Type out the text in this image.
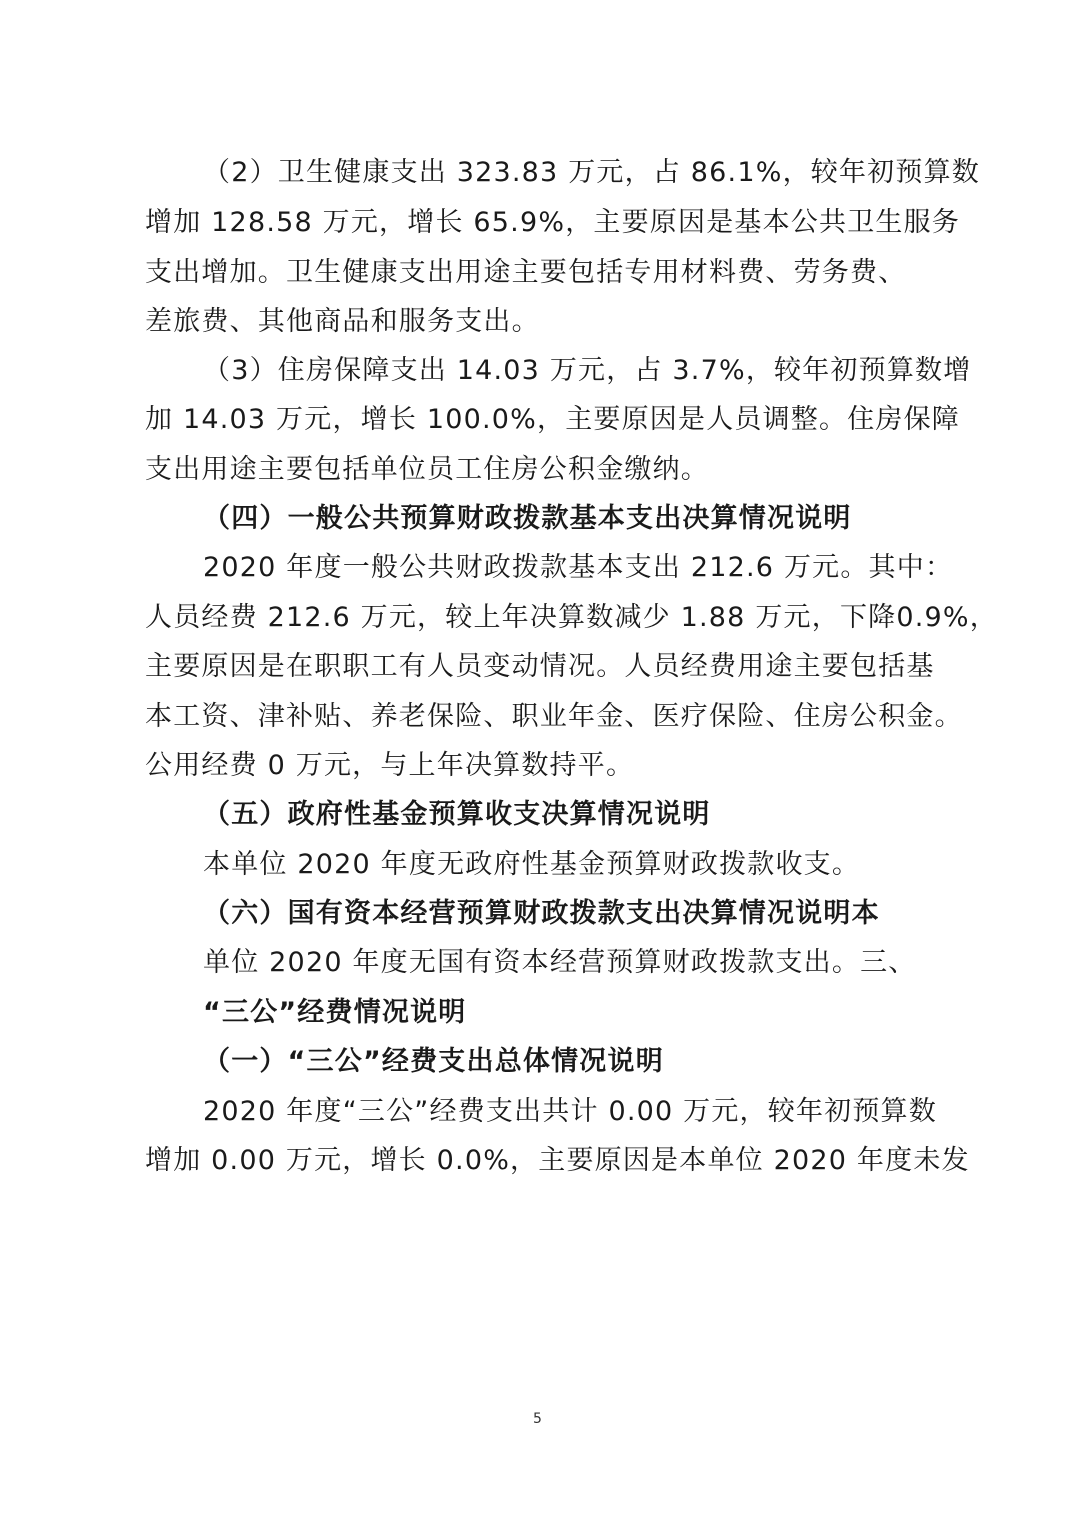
（2）卫生健康支出 323.83 万元，占 86.1%，较年初预算数
增加 128.58 万元，增长 65.9%，主要原因是基本公共卫生服务
支出增加。卫生健康支出用途主要包括专用材料费、劳务费、
差旅费、其他商品和服务支出。
（3）住房保障支出 14.03 万元，占 3.7%，较年初预算数增
加 14.03 万元，增长 100.0%，主要原因是人员调整。住房保障
支出用途主要包括单位员工住房公积金缴纳。
（四）一般公共预算财政拨款基本支出决算情况说明
2020 年度一般公共财政拨款基本支出 212.6 万元。其中：
人员经费 212.6 万元，较上年决算数减少 1.88 万元，下降0.9%，
主要原因是在职职工有人员变动情况。人员经费用途主要包括基
本工资、津补贴、养老保险、职业年金、医疗保险、住房公积金。
公用经费 0 万元，与上年决算数持平。
（五）政府性基金预算收支决算情况说明
本单位 2020 年度无政府性基金预算财政拨款收支。
（六）国有资本经营预算财政拨款支出决算情况说明本
单位 2020 年度无国有资本经营预算财政拨款支出。三、
“三公”经费情况说明
（一）“三公”经费支出总体情况说明
2020 年度“三公”经费支出共计 0.00 万元，较年初预算数
增加 0.00 万元，增长 0.0%，主要原因是本单位 2020 年度未发
5
